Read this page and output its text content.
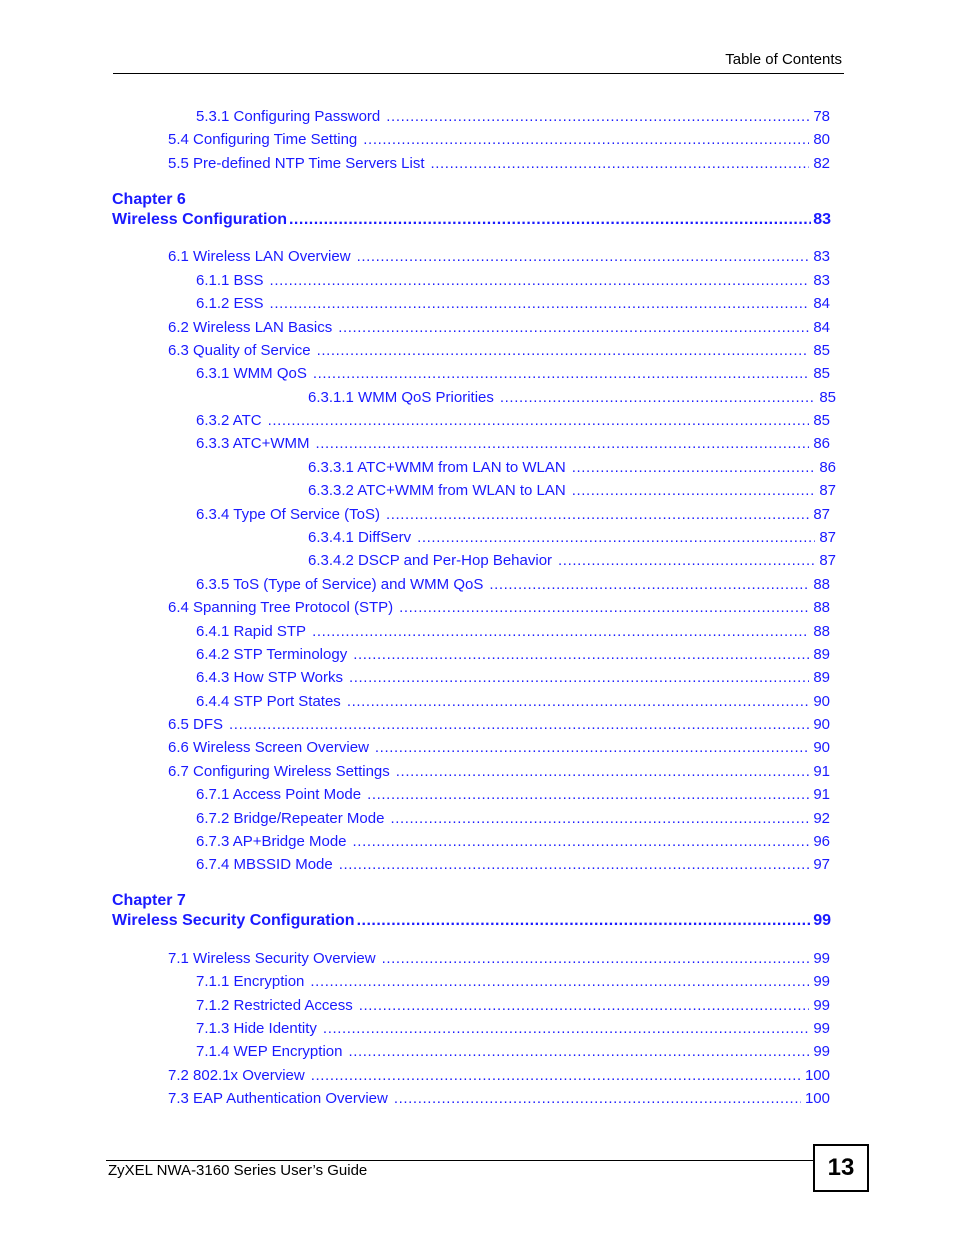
Table of Contents
5.3.1 Configuring Password .....	78
5.4 Configuring Time Setting .....	80
5.5 Pre-defined NTP Time Servers List .....	82
Chapter 6
Wireless Configuration .....	83
6.1 Wireless LAN Overview .....	83
6.1.1 BSS .....	83
6.1.2 ESS .....	84
6.2 Wireless LAN Basics .....	84
6.3 Quality of Service .....	85
6.3.1 WMM QoS .....	85
6.3.1.1 WMM QoS Priorities .....	85
6.3.2 ATC .....	85
6.3.3 ATC+WMM .....	86
6.3.3.1 ATC+WMM from LAN to WLAN .....	86
6.3.3.2 ATC+WMM from WLAN to LAN .....	87
6.3.4 Type Of Service (ToS) .....	87
6.3.4.1 DiffServ .....	87
6.3.4.2 DSCP and Per-Hop Behavior .....	87
6.3.5 ToS (Type of Service) and WMM QoS .....	88
6.4 Spanning Tree Protocol (STP) .....	88
6.4.1 Rapid STP .....	88
6.4.2 STP Terminology .....	89
6.4.3 How STP Works .....	89
6.4.4 STP Port States .....	90
6.5 DFS .....	90
6.6 Wireless Screen Overview .....	90
6.7 Configuring Wireless Settings .....	91
6.7.1 Access Point Mode .....	91
6.7.2 Bridge/Repeater Mode .....	92
6.7.3 AP+Bridge Mode .....	96
6.7.4 MBSSID Mode .....	97
Chapter 7
Wireless Security Configuration .....	99
7.1 Wireless Security Overview .....	99
7.1.1 Encryption .....	99
7.1.2 Restricted Access .....	99
7.1.3 Hide Identity .....	99
7.1.4 WEP Encryption .....	99
7.2 802.1x Overview .....	100
7.3 EAP Authentication Overview .....	100
ZyXEL NWA-3160 Series User’s Guide	13
